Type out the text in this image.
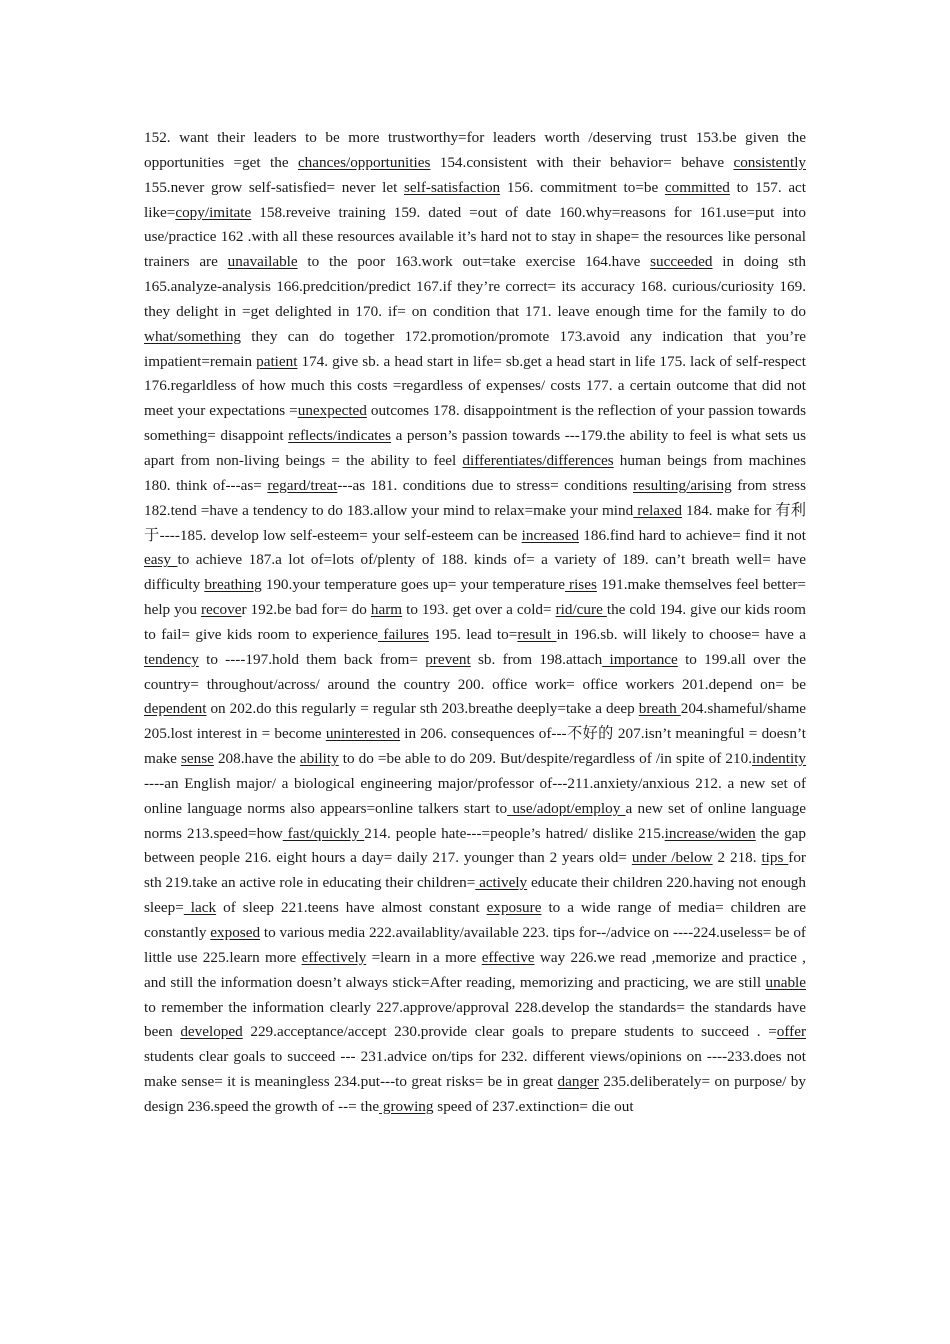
152. want their leaders to be more trustworthy=for leaders worth /deserving trust 153.be given the opportunities =get the chances/opportunities 154.consistent with their behavior= behave consistently 155.never grow self-satisfied= never let self-satisfaction 156. commitment to=be committed to 157. act like=copy/imitate 158.reveive training 159. dated =out of date 160.why=reasons for 161.use=put into use/practice 162 .with all these resources available it’s hard not to stay in shape= the resources like personal trainers are unavailable to the poor 163.work out=take exercise 164.have succeeded in doing sth 165.analyze-analysis 166.predcition/predict 167.if they’re correct= its accuracy 168. curious/curiosity 169. they delight in =get delighted in 170. if= on condition that 171. leave enough time for the family to do what/something they can do together 172.promotion/promote 173.avoid any indication that you’re impatient=remain patient 174. give sb. a head start in life= sb.get a head start in life 175. lack of self-respect 176.regarldless of how much this costs =regardless of expenses/ costs 177. a certain outcome that did not meet your expectations =unexpected outcomes 178. disappointment is the reflection of your passion towards something= disappoint reflects/indicates a person’s passion towards ---179.the ability to feel is what sets us apart from non-living beings = the ability to feel differentiates/differences human beings from machines 180. think of---as= regard/treat---as 181. conditions due to stress= conditions resulting/arising from stress 182.tend =have a tendency to do 183.allow your mind to relax=make your mind relaxed 184. make for 有利于----185. develop low self-esteem= your self-esteem can be increased 186.find hard to achieve= find it not easy to achieve 187.a lot of=lots of/plenty of 188. kinds of= a variety of 189. can’t breath well= have difficulty breathing 190.your temperature goes up= your temperature rises 191.make themselves feel better= help you recover 192.be bad for= do harm to 193. get over a cold= rid/cure the cold 194. give our kids room to fail= give kids room to experience failures 195. lead to=result in 196.sb. will likely to choose= have a tendency to ----197.hold them back from= prevent sb. from 198.attach importance to 199.all over the country= throughout/across/ around the country 200. office work= office workers 201.depend on= be dependent on 202.do this regularly = regular sth 203.breathe deeply=take a deep breath 204.shameful/shame 205.lost interest in = become uninterested in 206. consequences of---不好的 207.isn’t meaningful = doesn’t make sense 208.have the ability to do =be able to do 209. But/despite/regardless of /in spite of 210.indentity ----an English major/ a biological engineering major/professor of---211.anxiety/anxious 212. a new set of online language norms also appears=online talkers start to use/adopt/employ a new set of online language norms 213.speed=how fast/quickly 214. people hate---=people’s hatred/ dislike 215.increase/widen the gap between people 216. eight hours a day= daily 217. younger than 2 years old= under /below 2 218. tips for sth 219.take an active role in educating their children= actively educate their children 220.having not enough sleep= lack of sleep 221.teens have almost constant exposure to a wide range of media= children are constantly exposed to various media 222.availablity/available 223. tips for--/advice on ----224.useless= be of little use 225.learn more effectively =learn in a more effective way 226.we read ,memorize and practice , and still the information doesn’t always stick=After reading, memorizing and practicing, we are still unable to remember the information clearly 227.approve/approval 228.develop the standards= the standards have been developed 229.acceptance/accept 230.provide clear goals to prepare students to succeed . =offer students clear goals to succeed --- 231.advice on/tips for 232. different views/opinions on ----233.does not make sense= it is meaningless 234.put---to great risks= be in great danger 235.deliberately= on purpose/ by design 236.speed the growth of --= the growing speed of 237.extinction= die out
